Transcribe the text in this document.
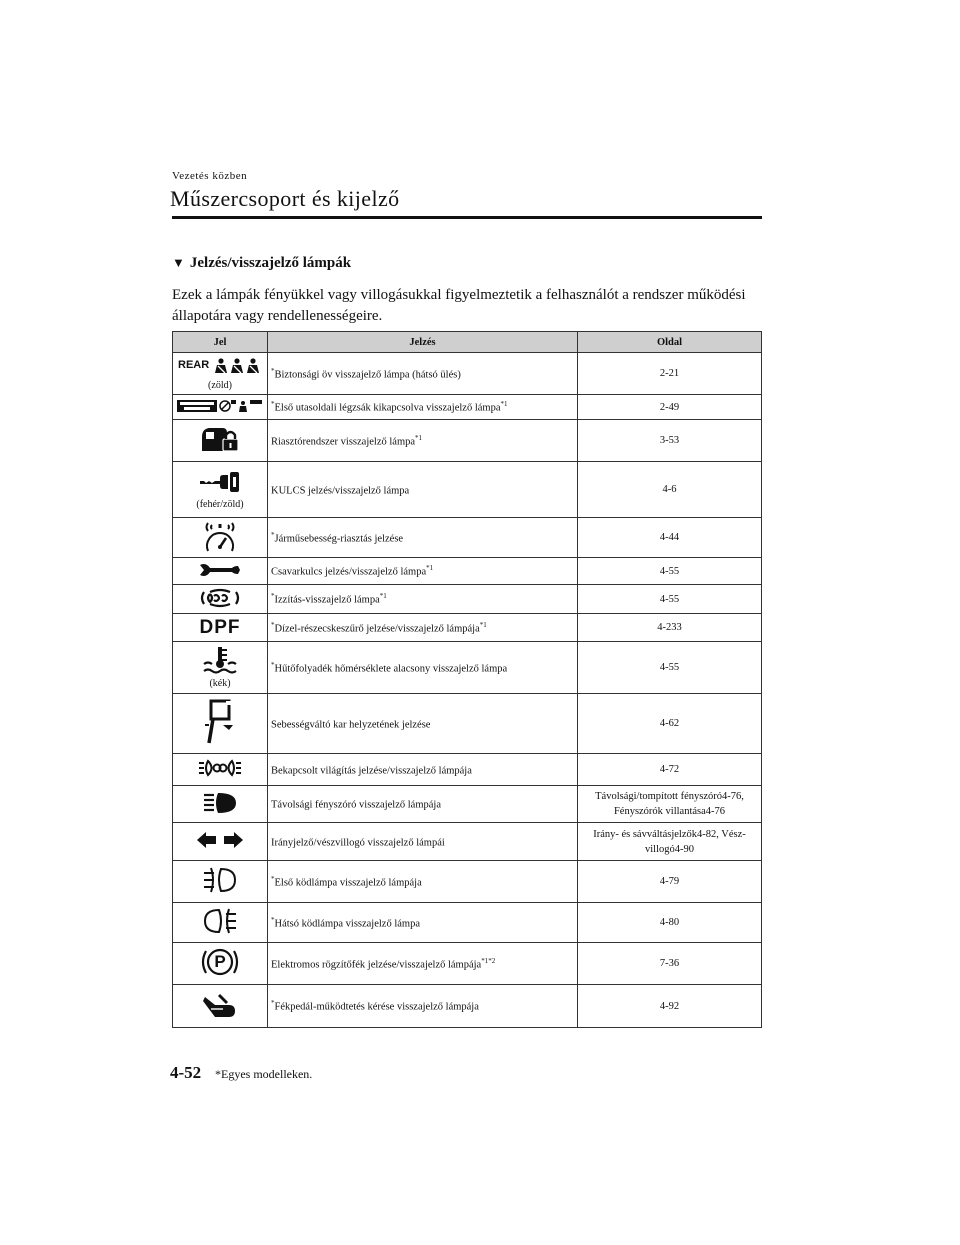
Vezetés közben
Műszercsoport és kijelző
▼ Jelzés/visszajelző lámpák
Ezek a lámpák fényükkel vagy villogásukkal figyelmeztetik a felhasználót a rendszer működési állapotára vagy rendellenességeire.
Jel	Jelzés	Oldal

REAR
(zöld)	*Biztonsági öv visszajelző lámpa (hátsó ülés)	2-21
	*Első utasoldali légzsák kikapcsolva visszajelző lámpa$^{*1}$	2-49
	Riasztórendszer visszajelző lámpa$^{*1}$	3-53

(fehér/zöld)	KULCS jelzés/visszajelző lámpa	4-6
	*Járműsebesség-riasztás jelzése	4-44
	Csavarkulcs jelzés/visszajelző lámpa$^{*1}$	4-55
	*Izzítás-visszajelző lámpa$^{*1}$	4-55
DPF	*Dízel-részecskeszűrő jelzése/visszajelző lámpája$^{*1}$	4-233

(kék)	*Hűtőfolyadék hőmérséklete alacsony visszajelző lámpa	4-55
	Sebességváltó kar helyzetének jelzése	4-62
	Bekapcsolt világítás jelzése/visszajelző lámpája	4-72
	Távolsági fényszóró visszajelző lámpája	Távolsági/tompított fényszóró4-76, Fényszórók villantása4-76
	Irányjelző/vészvillogó visszajelző lámpái	Irány- és sávváltásjelzők4-82, Vész-villogó4-90
	*Első ködlámpa visszajelző lámpája	4-79
	*Hátsó ködlámpa visszajelző lámpa	4-80

P	Elektromos rögzítőfék jelzése/visszajelző lámpája$^{*1*2}$	7-36
	*Fékpedál-működtetés kérése visszajelző lámpája	4-92
4-52 *Egyes modelleken.
